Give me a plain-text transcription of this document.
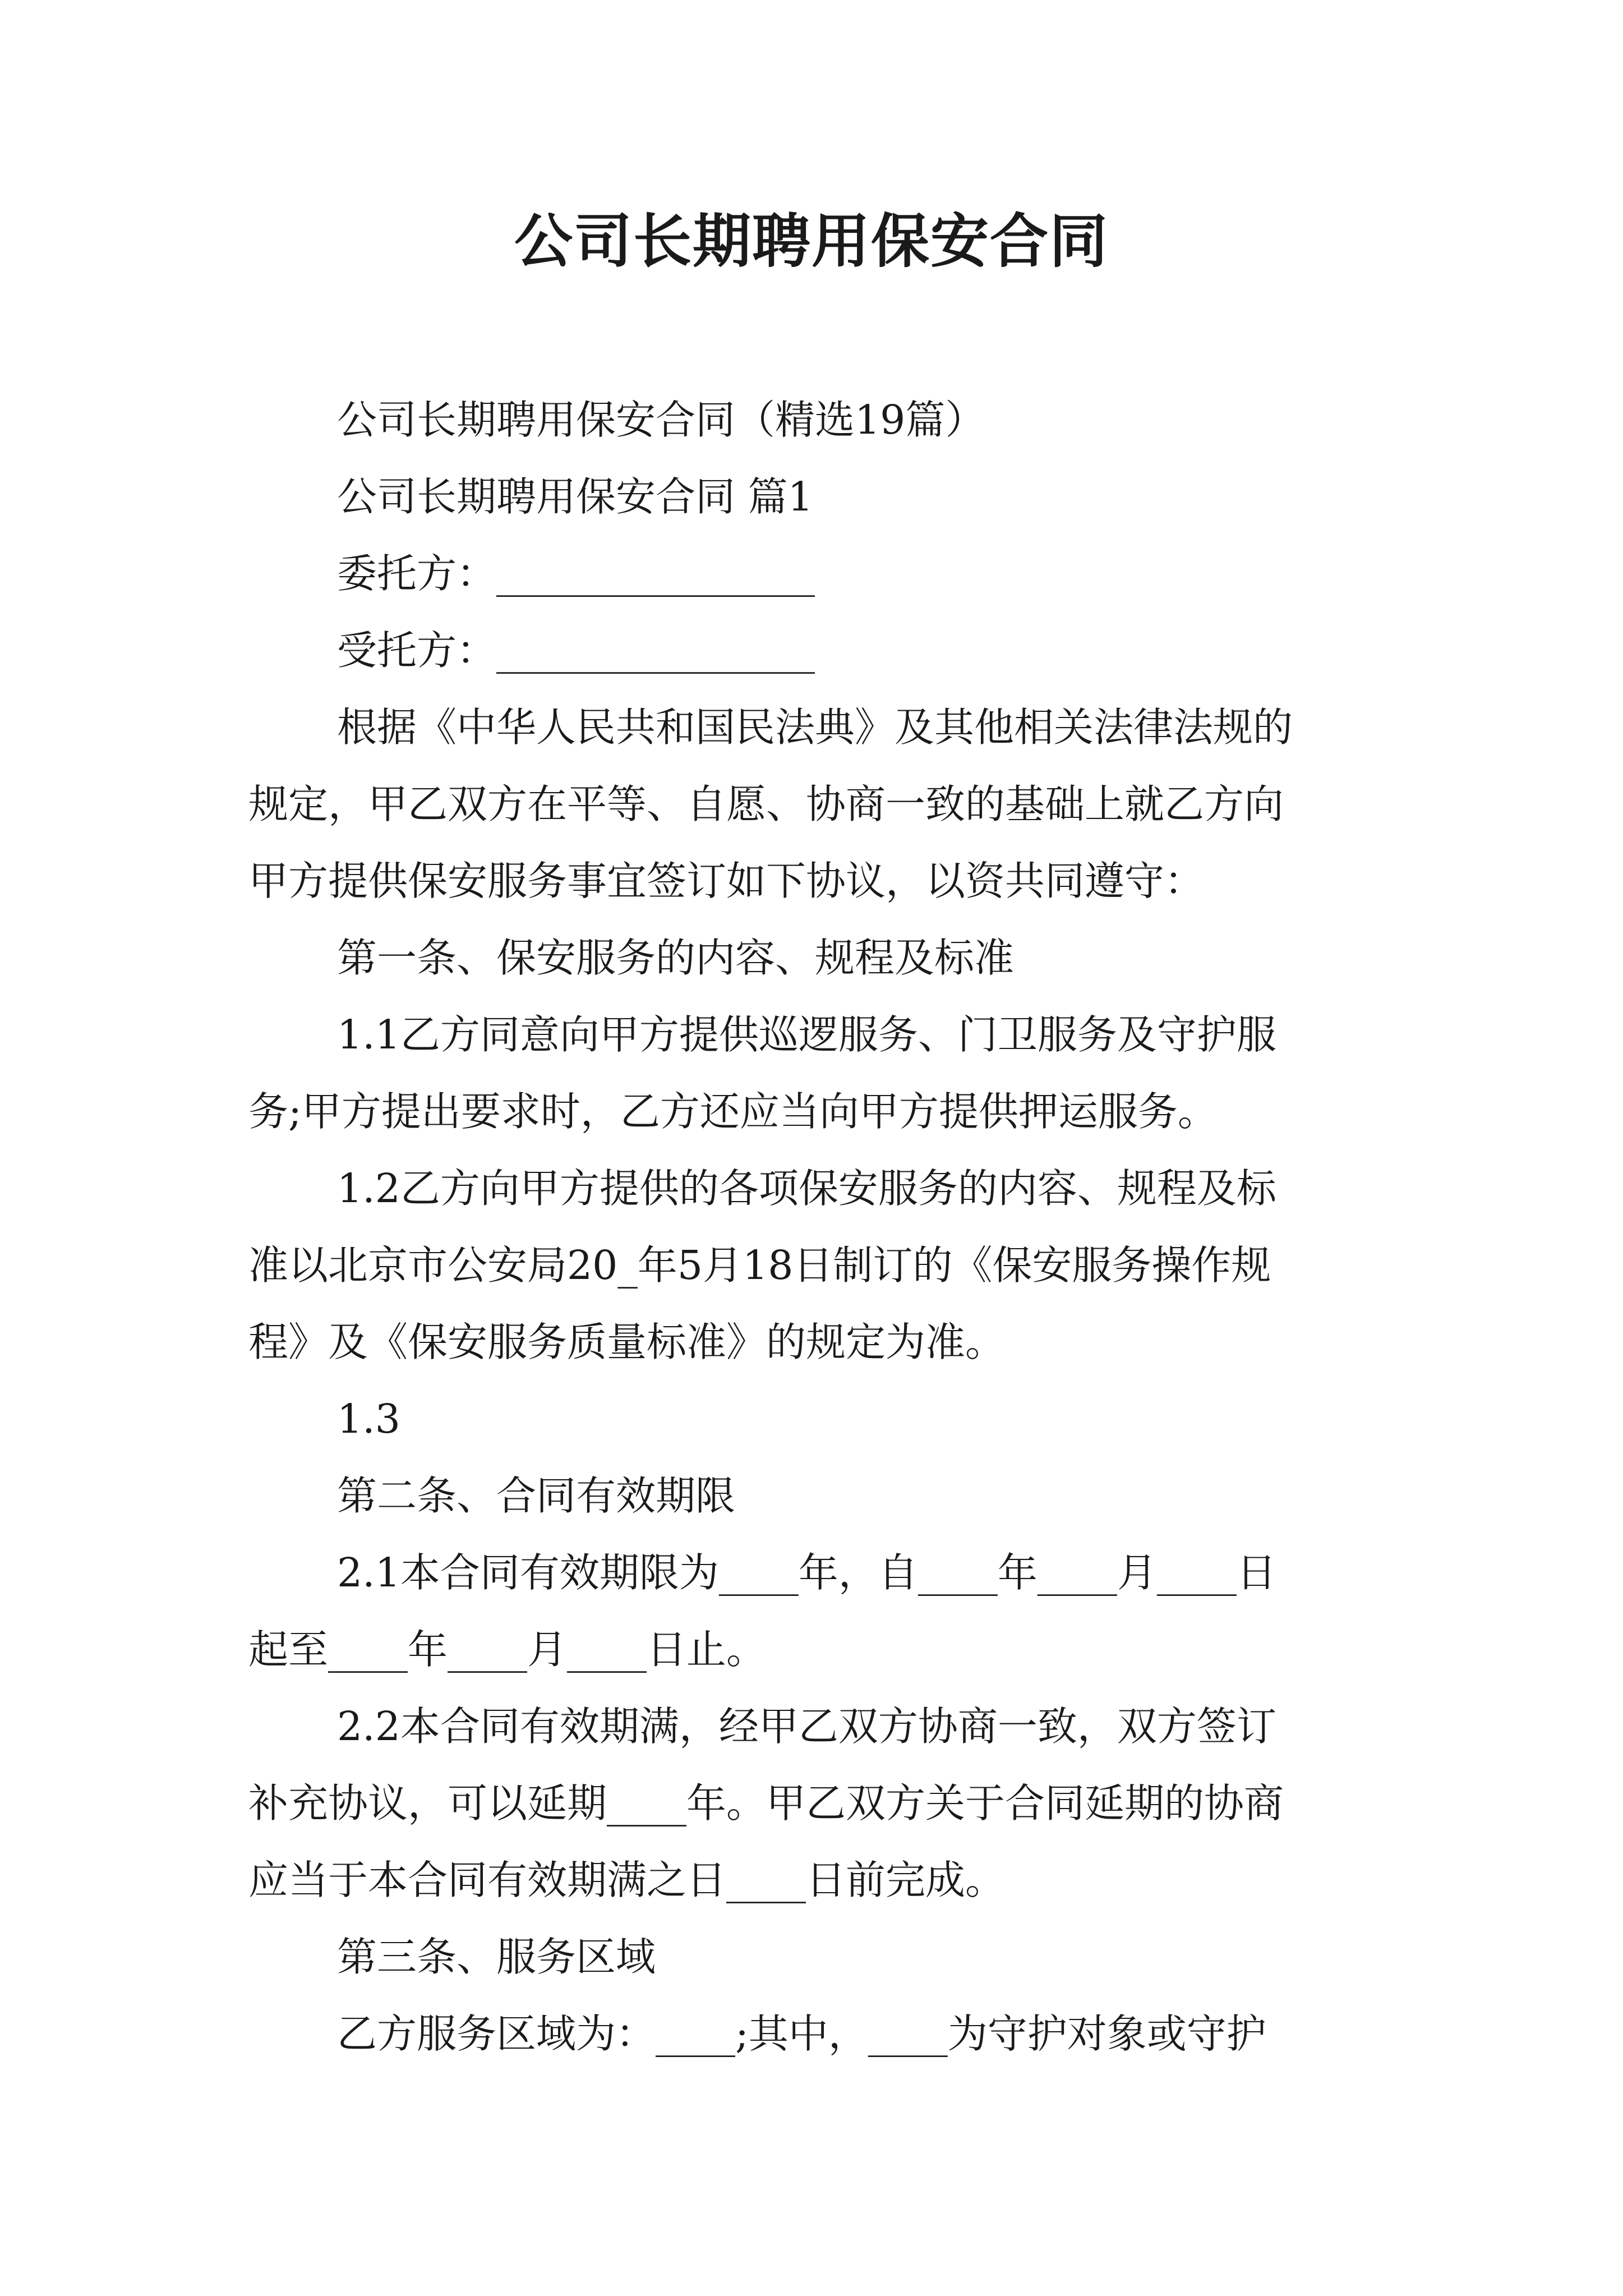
公司长期聘用保安合同

公司长期聘用保安合同（精选19篇）

公司长期聘用保安合同 篇1

委托方：________________

受托方：________________

根据《中华人民共和国民法典》及其他相关法律法规的
规定，甲乙双方在平等、自愿、协商一致的基础上就乙方向
甲方提供保安服务事宜签订如下协议，以资共同遵守：
第一条、保安服务的内容、规程及标准
1.1乙方同意向甲方提供巡逻服务、门卫服务及守护服
务;甲方提出要求时，乙方还应当向甲方提供押运服务。
1.2乙方向甲方提供的各项保安服务的内容、规程及标
准以北京市公安局20_年5月18日制订的《保安服务操作规
程》及《保安服务质量标准》的规定为准。
1.3
第二条、合同有效期限
2.1本合同有效期限为____年，自____年____月____日
起至____年____月____日止。
2.2本合同有效期满，经甲乙双方协商一致，双方签订
补充协议，可以延期____年。甲乙双方关于合同延期的协商
应当于本合同有效期满之日____日前完成。
第三条、服务区域
乙方服务区域为：____;其中，____为守护对象或守护
